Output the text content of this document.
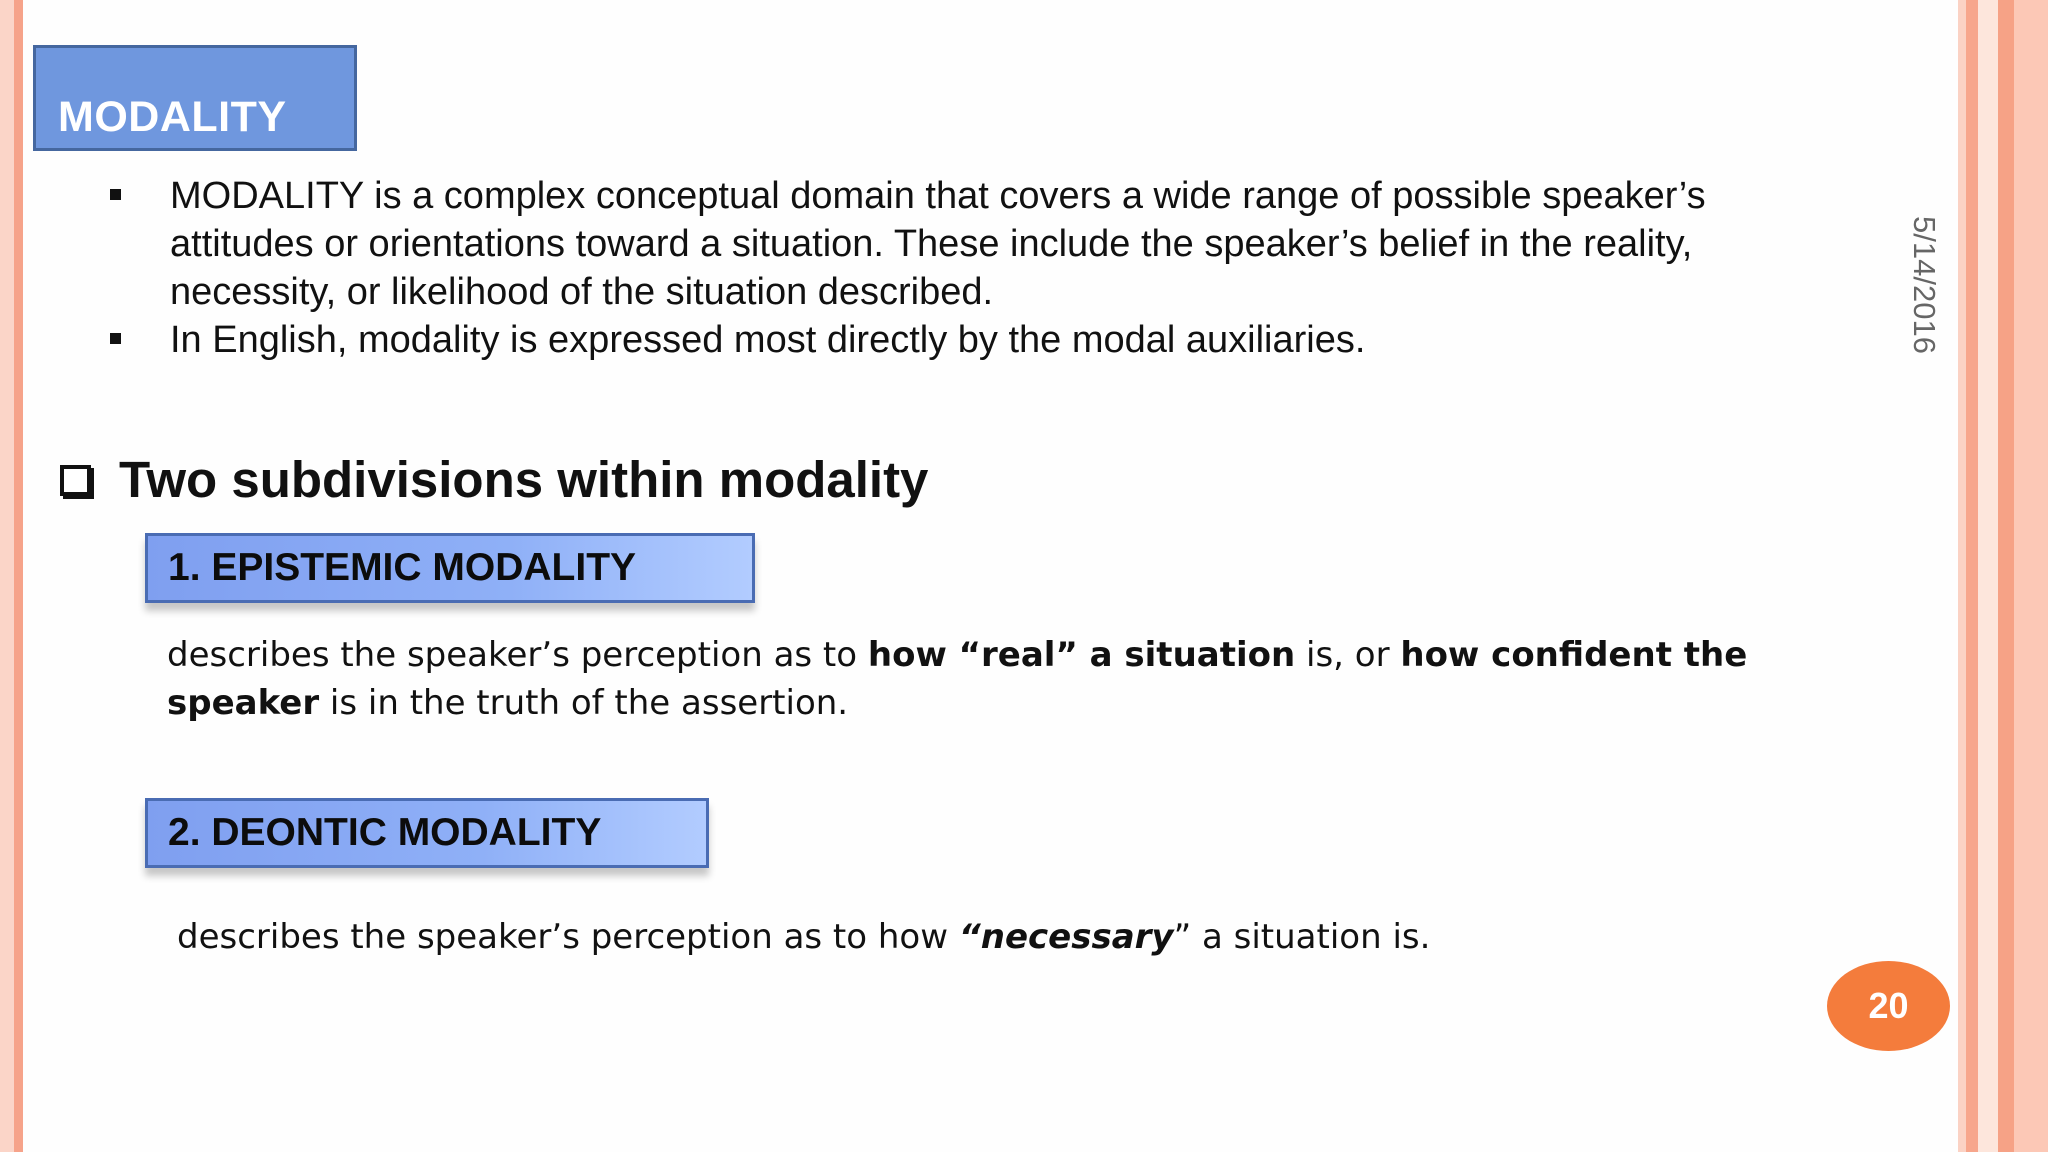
MODALITY
MODALITY is a complex conceptual domain that covers a wide range of possible speaker’s attitudes or orientations toward a situation. These include the speaker’s belief in the reality, necessity, or likelihood of the situation described.
In English, modality is expressed most directly by the modal auxiliaries.	5/14/2016
Two subdivisions within modality
1. EPISTEMIC MODALITY
describes the speaker’s perception as to how “real” a situation is, or how confident the speaker is in the truth of the assertion.
2. DEONTIC MODALITY
describes the speaker’s perception as to how “necessary” a situation is.
20
